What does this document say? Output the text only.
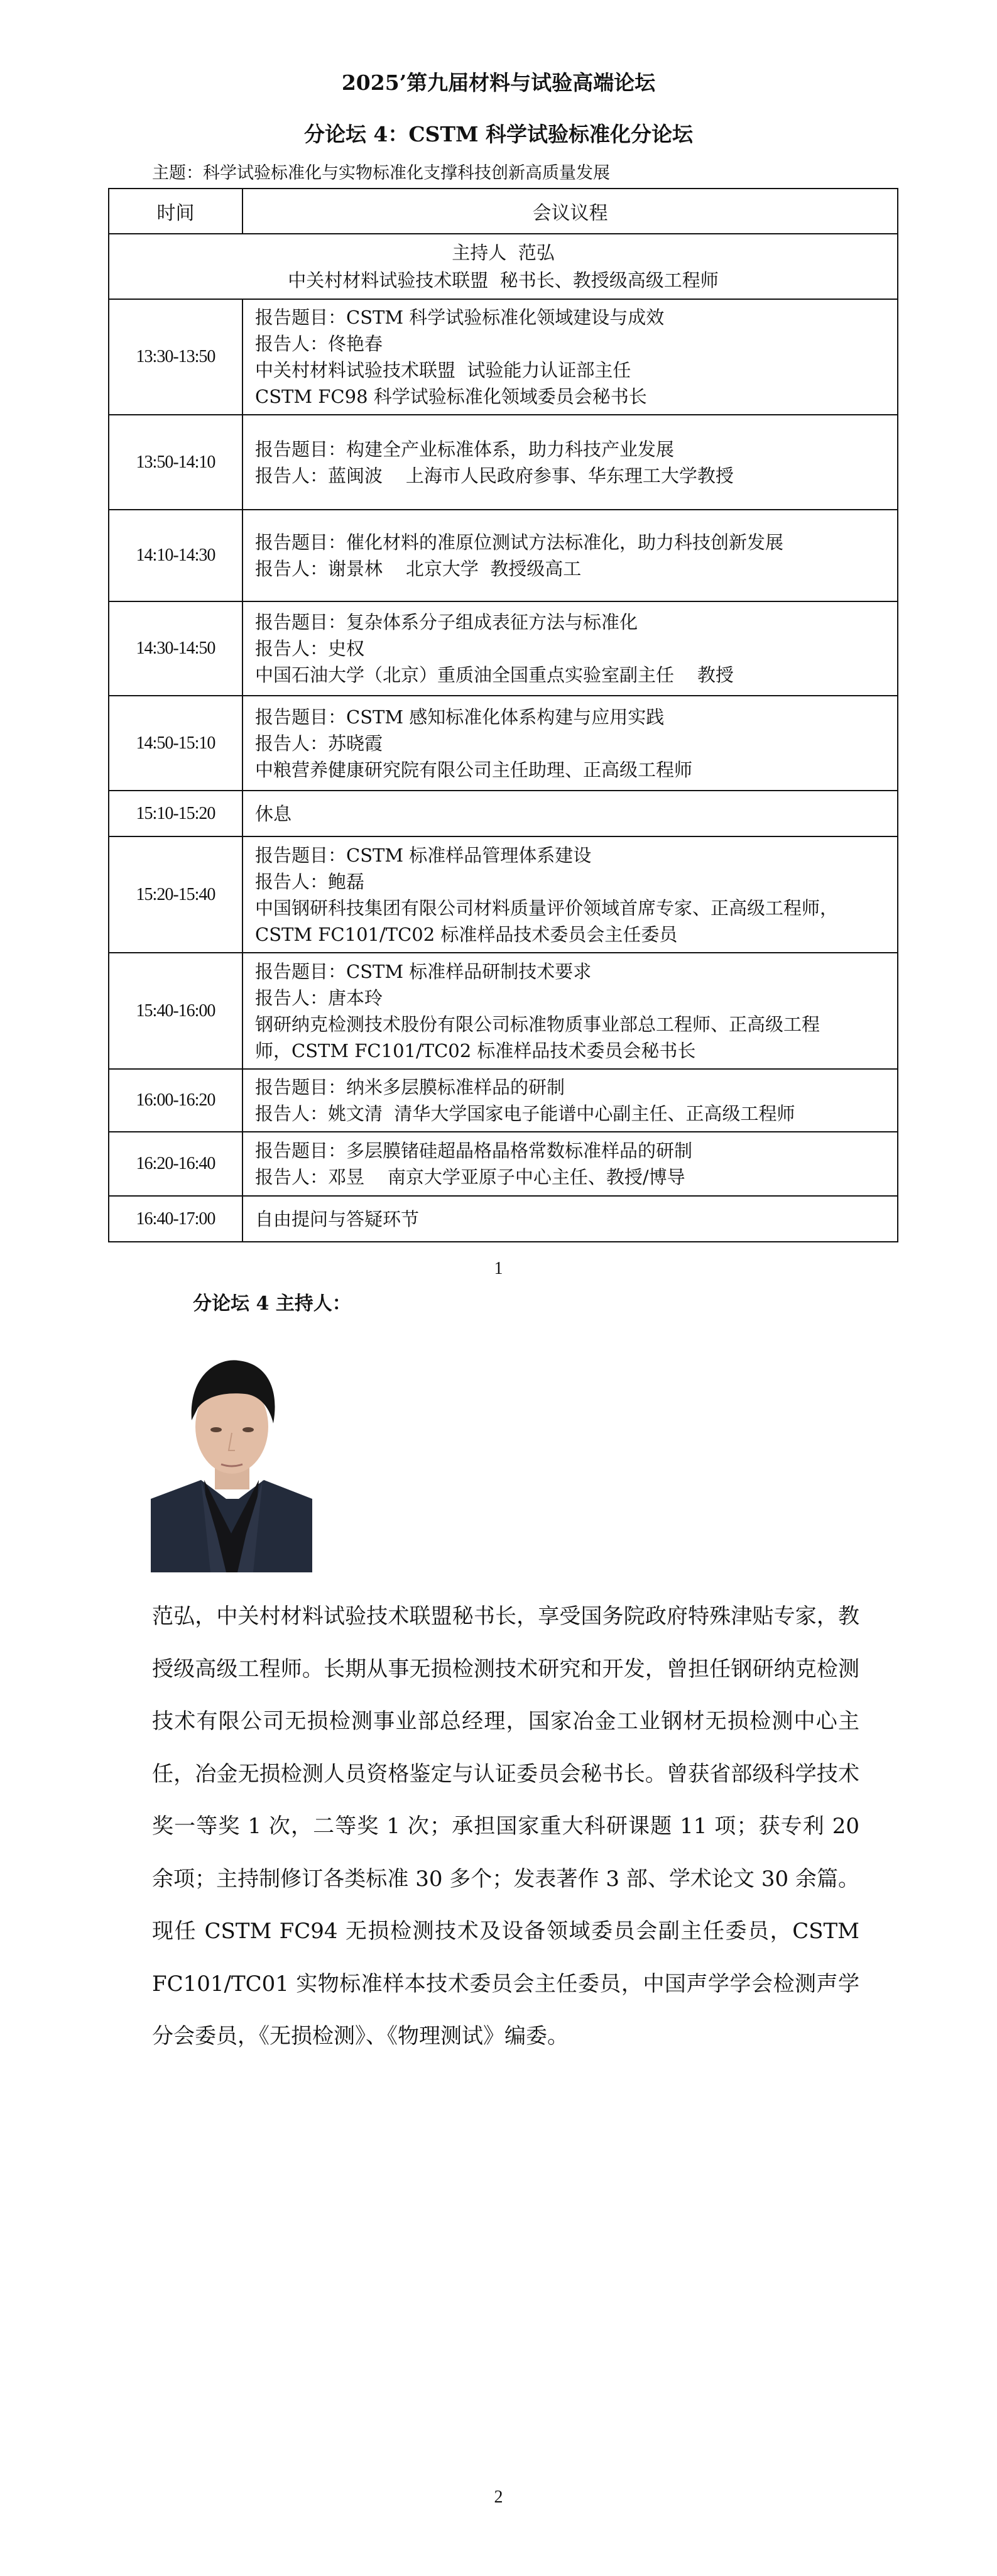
2025’第九届材料与试验高端论坛
分论坛 4：CSTM 科学试验标准化分论坛
主题：科学试验标准化与实物标准化支撑科技创新高质量发展
时间	会议议程

主持人  范弘
中关村材料试验技术联盟  秘书长、教授级高级工程师	

13:30-13:50	报告题目：CSTM 科学试验标准化领域建设与成效
报告人：佟艳春
中关村材料试验技术联盟  试验能力认证部主任
CSTM FC98 科学试验标准化领域委员会秘书长

13:50-14:10	报告题目：构建全产业标准体系，助力科技产业发展
报告人：蓝闽波    上海市人民政府参事、华东理工大学教授

14:10-14:30	报告题目：催化材料的准原位测试方法标准化，助力科技创新发展
报告人：谢景林    北京大学  教授级高工

14:30-14:50	报告题目：复杂体系分子组成表征方法与标准化
报告人：史权
中国石油大学（北京）重质油全国重点实验室副主任    教授

14:50-15:10	报告题目：CSTM 感知标准化体系构建与应用实践
报告人：苏晓霞
中粮营养健康研究院有限公司主任助理、正高级工程师

15:10-15:20	休息

15:20-15:40	报告题目：CSTM 标准样品管理体系建设
报告人：鲍磊
中国钢研科技集团有限公司材料质量评价领域首席专家、正高级工程师，
CSTM FC101/TC02 标准样品技术委员会主任委员

15:40-16:00	报告题目：CSTM 标准样品研制技术要求
报告人：唐本玲
钢研纳克检测技术股份有限公司标准物质事业部总工程师、正高级工程
师，CSTM FC101/TC02 标准样品技术委员会秘书长

16:00-16:20	报告题目：纳米多层膜标准样品的研制
报告人：姚文清  清华大学国家电子能谱中心副主任、正高级工程师

16:20-16:40	报告题目：多层膜锗硅超晶格晶格常数标准样品的研制
报告人：邓昱    南京大学亚原子中心主任、教授/博导

16:40-17:00	自由提问与答疑环节
1
分论坛 4 主持人：
范弘，中关村材料试验技术联盟秘书长，享受国务院政府特殊津贴专家，教授级高级工程师。长期从事无损检测技术研究和开发，曾担任钢研纳克检测技术有限公司无损检测事业部总经理，国家冶金工业钢材无损检测中心主任，冶金无损检测人员资格鉴定与认证委员会秘书长。曾获省部级科学技术奖一等奖 1 次，二等奖 1 次；承担国家重大科研课题 11 项；获专利 20 余项；主持制修订各类标准 30 多个；发表著作 3 部、学术论文 30 余篇。现任 CSTM FC94 无损检测技术及设备领域委员会副主任委员，CSTM FC101/TC01 实物标准样本技术委员会主任委员，中国声学学会检测声学分会委员，《无损检测》、《物理测试》编委。
2
